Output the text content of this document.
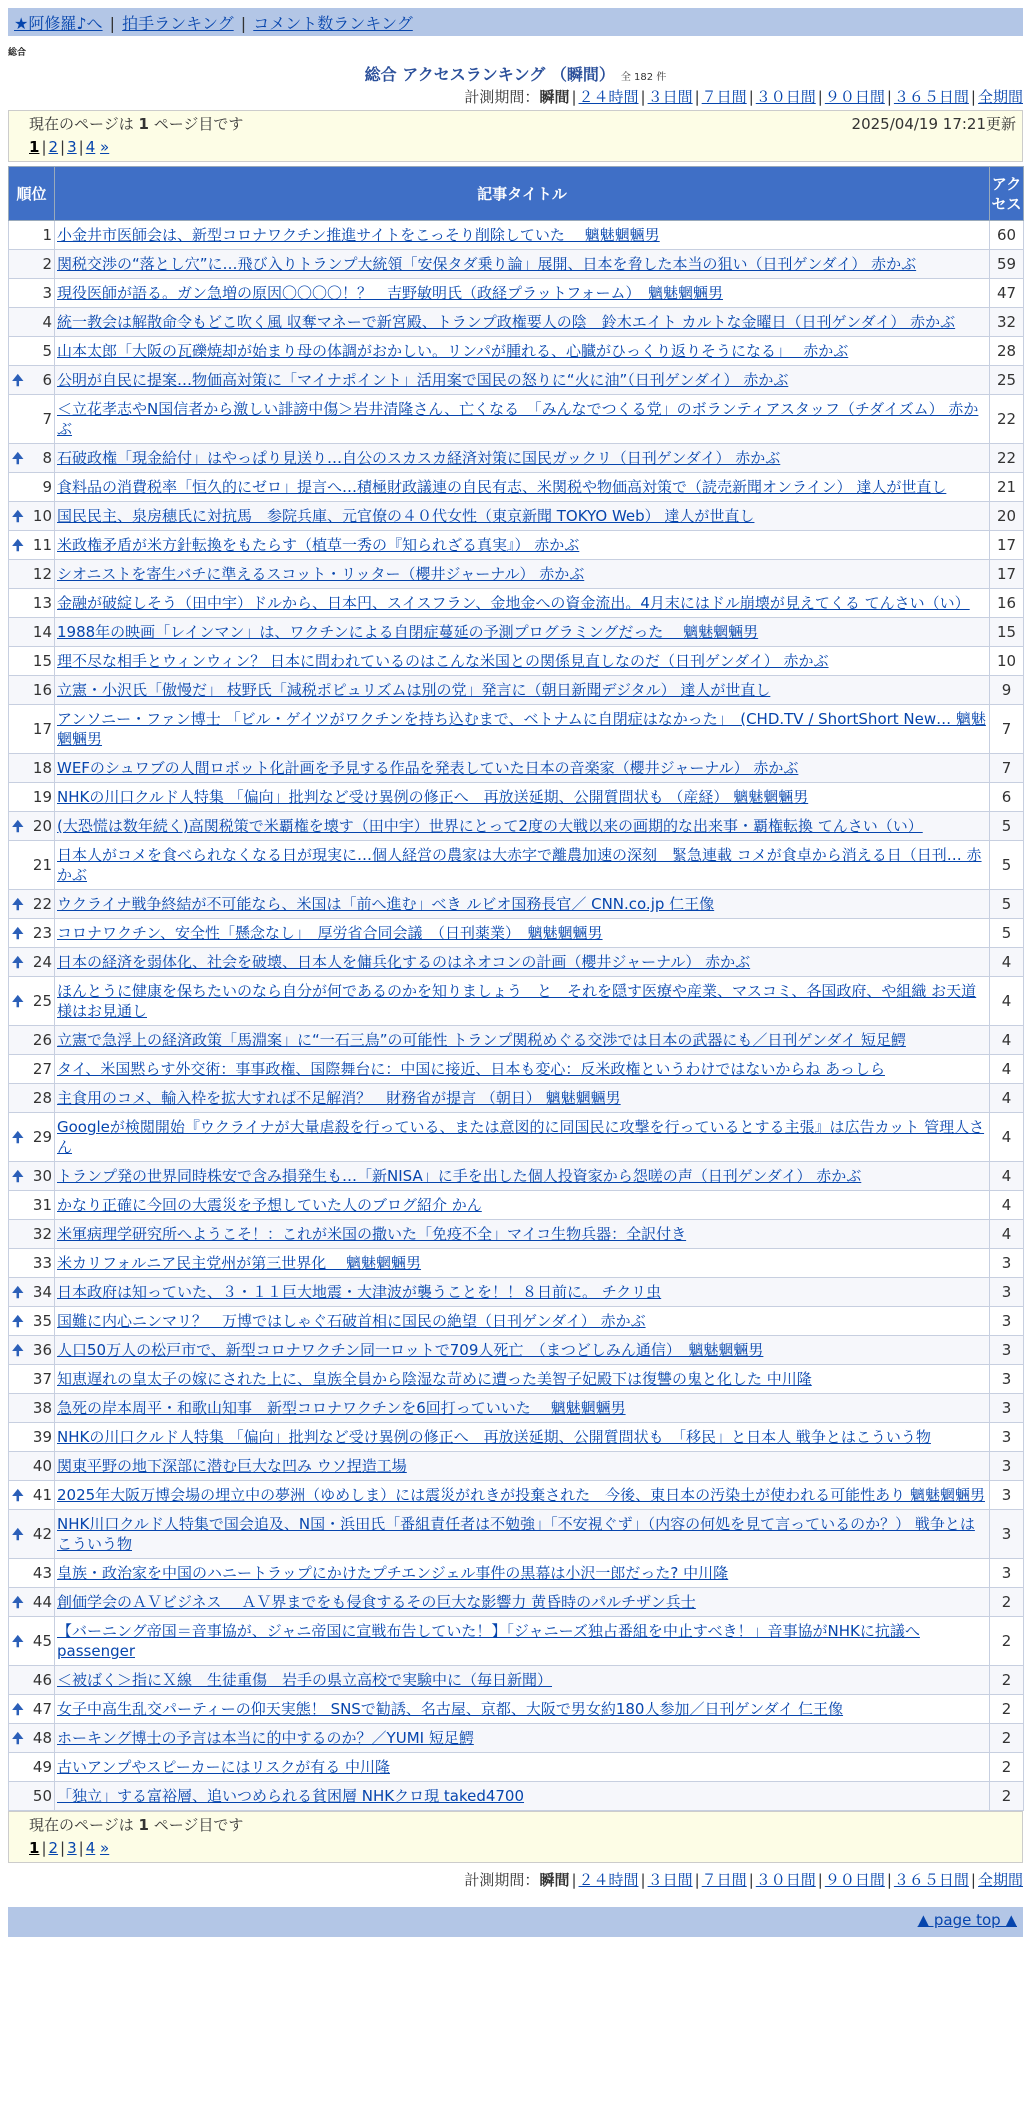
★阿修羅♪へ | 拍手ランキング | コメント数ランキング
総合
総合 アクセスランキング （瞬間） 全 182 件
計測期間：瞬間 | ２４時間 | ３日間 | ７日間 | ３０日間 | ９０日間 | ３６５日間 | 全期間
現在のページは 1 ページ目です	2025/04/19 17:21更新
1 | 2 | 3 | 4 »
順位	記事タイトル	アクセス
1	小金井市医師会は、新型コロナワクチン推進サイトをこっそり削除していた　 魑魅魍魎男	60
2	関税交渉の“落とし穴”に…飛び入りトランプ大統領「安保タダ乗り論」展開、日本を脅した本当の狙い（日刊ゲンダイ） 赤かぶ	59
3	現役医師が語る。ガン急増の原因〇〇〇〇！？　吉野敏明氏（政経プラットフォーム）　魑魅魍魎男	47
4	統一教会は解散命令もどこ吹く風 収奪マネーで新宮殿、トランプ政権要人の陰　鈴木エイト カルトな金曜日（日刊ゲンダイ） 赤かぶ	32
5	山本太郎「大阪の瓦礫焼却が始まり母の体調がおかしい。リンパが腫れる、心臓がひっくり返りそうになる」　 赤かぶ	28

🠉 6	公明が自民に提案…物価高対策に「マイナポイント」活用案で国民の怒りに“火に油”（日刊ゲンダイ） 赤かぶ	25
7	＜立花孝志やN国信者から激しい誹謗中傷＞岩井清隆さん、亡くなる　「みんなでつくる党」のボランティアスタッフ（チダイズム） 赤かぶ	22

🠉 8	石破政権「現金給付」はやっぱり見送り…自公のスカスカ経済対策に国民ガックリ（日刊ゲンダイ） 赤かぶ	22
9	食料品の消費税率「恒久的にゼロ」提言へ…積極財政議連の自民有志、米関税や物価高対策で（読売新聞オンライン） 達人が世直し	21

🠉 10	国民民主、泉房穂氏に対抗馬　参院兵庫、元官僚の４０代女性（東京新聞 TOKYO Web） 達人が世直し	20

🠉 11	米政権矛盾が米方針転換をもたらす（植草一秀の『知られざる真実』） 赤かぶ	17
12	シオニストを寄生バチに準えるスコット・リッター（櫻井ジャーナル） 赤かぶ	17
13	金融が破綻しそう（田中宇）ドルから、日本円、スイスフラン、金地金への資金流出。4月末にはドル崩壊が見えてくる てんさい（い）	16
14	1988年の映画「レインマン」は、ワクチンによる自閉症蔓延の予測プログラミングだった　 魑魅魍魎男	15
15	理不尽な相手とウィンウィン？ 日本に問われているのはこんな米国との関係見直しなのだ（日刊ゲンダイ） 赤かぶ	10
16	立憲・小沢氏「傲慢だ」 枝野氏「減税ポピュリズムは別の党」発言に（朝日新聞デジタル） 達人が世直し	9
17	アンソニー・ファン博士 「ビル・ゲイツがワクチンを持ち込むまで、ベトナムに自閉症はなかった」　(CHD.TV / ShortShort New… 魑魅魍魎男	7
18	WEFのシュワブの人間ロボット化計画を予見する作品を発表していた日本の音楽家（櫻井ジャーナル） 赤かぶ	7
19	NHKの川口クルド人特集 「偏向」批判など受け異例の修正へ　再放送延期、公開質問状も （産経） 魑魅魍魎男	6

🠉 20	(大恐慌は数年続く)高関税策で米覇権を壊す（田中宇）世界にとって2度の大戦以来の画期的な出来事・覇権転換 てんさい（い）	5
21	日本人がコメを食べられなくなる日が現実に…個人経営の農家は大赤字で離農加速の深刻　緊急連載 コメが食卓から消える日（日刊… 赤かぶ	5

🠉 22	ウクライナ戦争終結が不可能なら、米国は「前へ進む」べき ルビオ国務長官／ CNN.co.jp 仁王像	5

🠉 23	コロナワクチン、安全性「懸念なし」　厚労省合同会議　（日刊薬業）　魑魅魍魎男	5

🠉 24	日本の経済を弱体化、社会を破壊、日本人を傭兵化するのはネオコンの計画（櫻井ジャーナル） 赤かぶ	4

🠉 25	ほんとうに健康を保ちたいのなら自分が何であるのかを知りましょう　と　それを隠す医療や産業、マスコミ、各国政府、や組織 お天道様はお見通し	4
26	立憲で急浮上の経済政策「馬淵案」に“一石三鳥”の可能性 トランプ関税めぐる交渉では日本の武器にも／日刊ゲンダイ 短足鰐	4
27	タイ、米国黙らす外交術：事事政権、国際舞台に：中国に接近、日本も変心：反米政権というわけではないからね あっしら	4
28	主食用のコメ、輸入枠を拡大すれば不足解消？　財務省が提言 （朝日） 魑魅魍魎男	4

🠉 29	Googleが検閲開始『ウクライナが大量虐殺を行っている、または意図的に同国民に攻撃を行っているとする主張』は広告カット 管理人さん	4

🠉 30	トランプ発の世界同時株安で含み損発生も…「新NISA」に手を出した個人投資家から怨嗟の声（日刊ゲンダイ） 赤かぶ	4
31	かなり正確に今回の大震災を予想していた人のブログ紹介 かん	4
32	米軍病理学研究所へようこそ！：これが米国の撒いた「免疫不全」マイコ生物兵器：全訳付き	4
33	米カリフォルニア民主党州が第三世界化　 魑魅魍魎男	3

🠉 34	日本政府は知っていた、３・１１巨大地震・大津波が襲うことを！！８日前に。 チクリ虫	3

🠉 35	国難に内心ニンマリ？　万博ではしゃぐ石破首相に国民の絶望（日刊ゲンダイ） 赤かぶ	3

🠉 36	人口50万人の松戸市で、新型コロナワクチン同一ロットで709人死亡　（まつどしみん通信）　魑魅魍魎男	3
37	知恵遅れの皇太子の嫁にされた上に、皇族全員から陰湿な苛めに遭った美智子妃殿下は復讐の鬼と化した 中川隆	3
38	急死の岸本周平・和歌山知事　新型コロナワクチンを6回打っていいた　 魑魅魍魎男	3
39	NHKの川口クルド人特集 「偏向」批判など受け異例の修正へ　再放送延期、公開質問状も　「移民」と日本人 戦争とはこういう物	3
40	関東平野の地下深部に潜む巨大な凹み ウソ捏造工場	3

🠉 41	2025年大阪万博会場の埋立中の夢洲（ゆめしま）には震災がれきが投棄された　今後、東日本の汚染土が使われる可能性あり 魑魅魍魎男	3

🠉 42	NHK川口クルド人特集で国会追及、N国・浜田氏「番組責任者は不勉強」「不安視ぐず」（内容の何処を見て言っているのか？） 戦争とはこういう物	3
43	皇族・政治家を中国のハニートラップにかけたプチエンジェル事件の黒幕は小沢一郎だった? 中川隆	3

🠉 44	創価学会のＡＶビジネス　 ＡＶ界までをも侵食するその巨大な影響力 黄昏時のパルチザン兵士	2

🠉 45	【バーニング帝国＝音事協が、ジャニ帝国に宣戦布告していた！】「ジャニーズ独占番組を中止すべき！」音事協がNHKに抗議へ passenger	2
46	＜被ばく＞指にＸ線　生徒重傷　岩手の県立高校で実験中に（毎日新聞）	2

🠉 47	女子中高生乱交パーティーの仰天実態！ SNSで勧誘、名古屋、京都、大阪で男女約180人参加／日刊ゲンダイ 仁王像	2

🠉 48	ホーキング博士の予言は本当に的中するのか？／YUMI 短足鰐	2
49	古いアンプやスピーカーにはリスクが有る 中川隆	2
50	「独立」する富裕層、追いつめられる貧困層 NHKクロ現 taked4700	2
現在のページは 1 ページ目です
1 | 2 | 3 | 4 »
計測期間：瞬間 | ２４時間 | ３日間 | ７日間 | ３０日間 | ９０日間 | ３６５日間 | 全期間
▲ page top ▲
